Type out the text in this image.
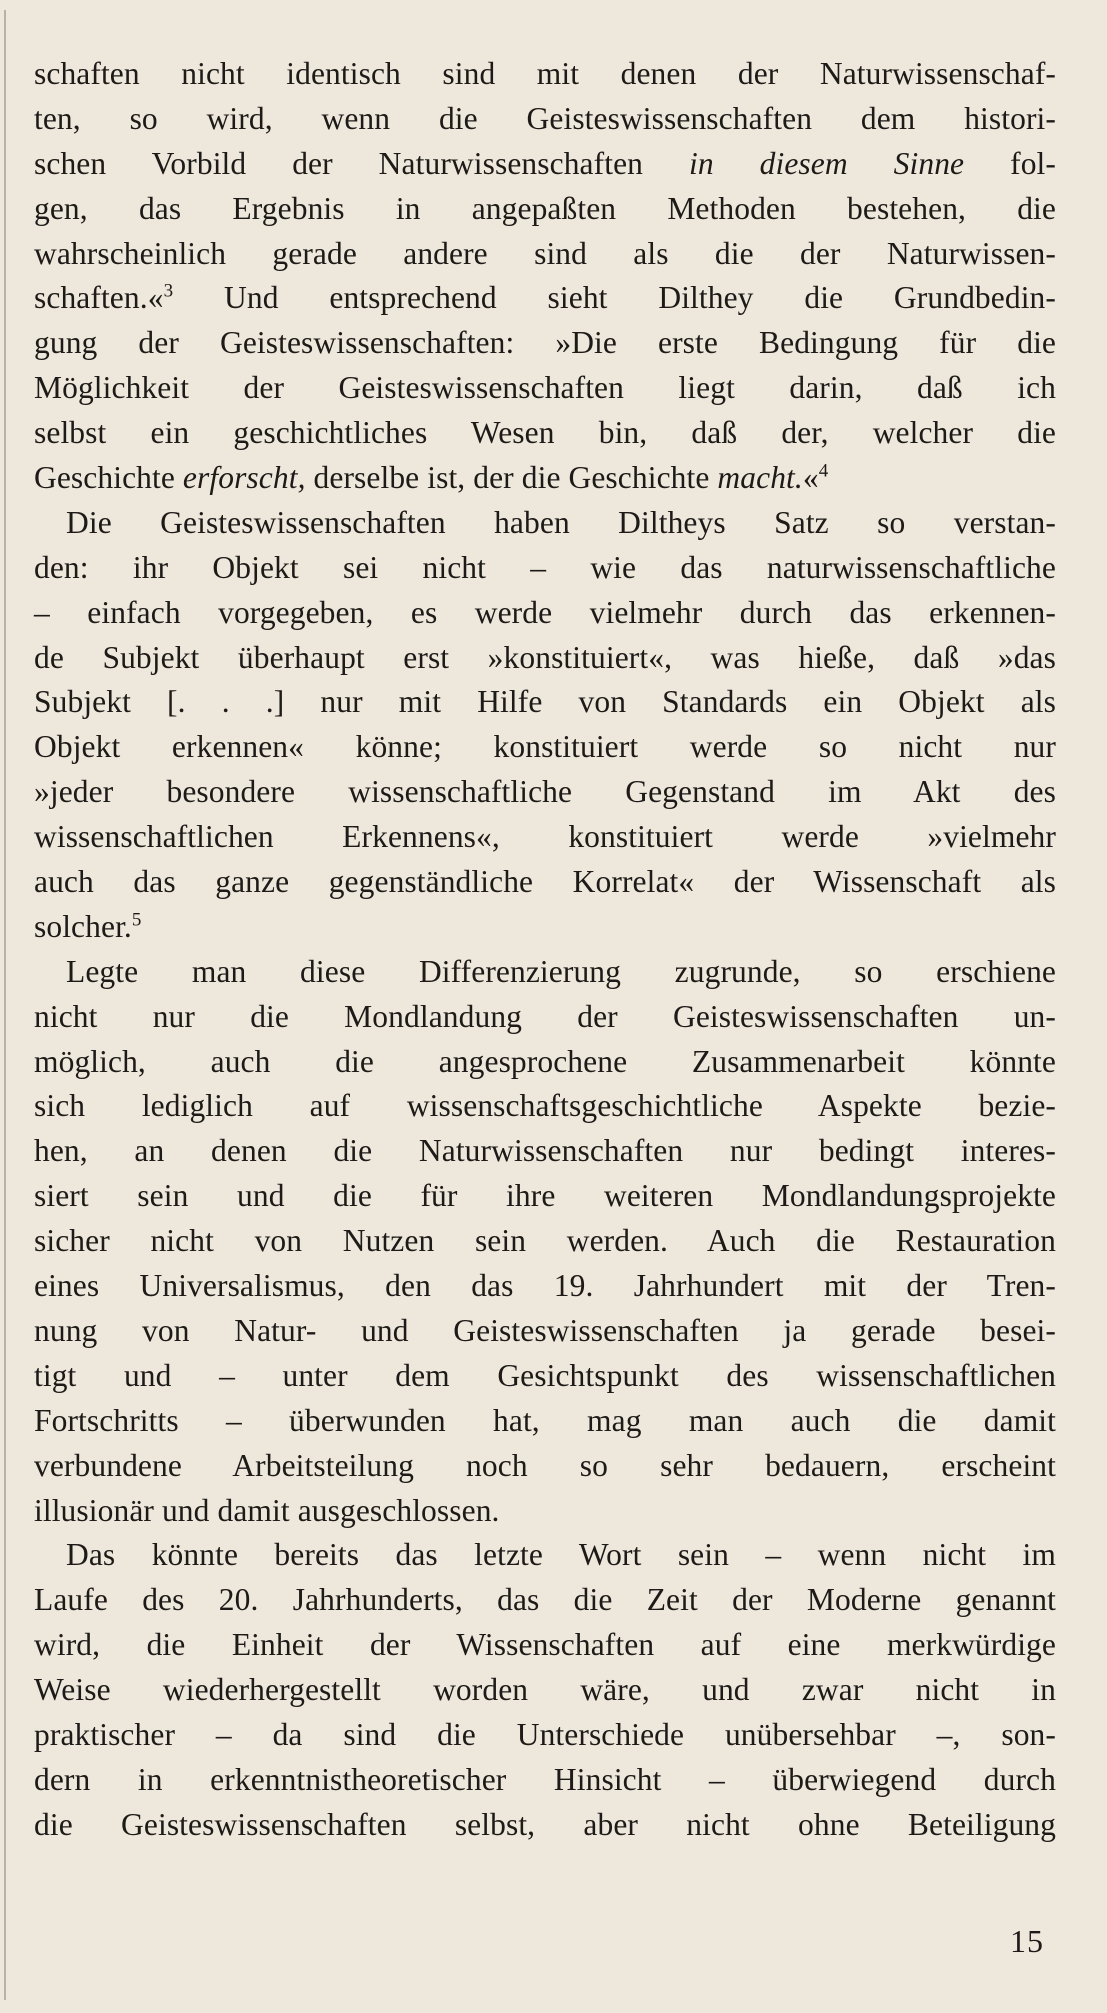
schaften nicht identisch sind mit denen der Naturwissenschaf-
ten, so wird, wenn die Geisteswissenschaften dem histori-
schen Vorbild der Naturwissenschaften in diesem Sinne fol-
gen, das Ergebnis in angepaßten Methoden bestehen, die
wahrscheinlich gerade andere sind als die der Naturwissen-
schaften.«$^3$ Und entsprechend sieht Dilthey die Grundbedin-
gung der Geisteswissenschaften: »Die erste Bedingung für die
Möglichkeit der Geisteswissenschaften liegt darin, daß ich
selbst ein geschichtliches Wesen bin, daß der, welcher die
Geschichte erforscht, derselbe ist, der die Geschichte macht.«$^4$
Die Geisteswissenschaften haben Diltheys Satz so verstan-
den: ihr Objekt sei nicht – wie das naturwissenschaftliche
– einfach vorgegeben, es werde vielmehr durch das erkennen-
de Subjekt überhaupt erst »konstituiert«, was hieße, daß »das
Subjekt [. . .] nur mit Hilfe von Standards ein Objekt als
Objekt erkennen« könne; konstituiert werde so nicht nur
»jeder besondere wissenschaftliche Gegenstand im Akt des
wissenschaftlichen Erkennens«, konstituiert werde »vielmehr
auch das ganze gegenständliche Korrelat« der Wissenschaft als
solcher.$^5$
Legte man diese Differenzierung zugrunde, so erschiene
nicht nur die Mondlandung der Geisteswissenschaften un-
möglich, auch die angesprochene Zusammenarbeit könnte
sich lediglich auf wissenschaftsgeschichtliche Aspekte bezie-
hen, an denen die Naturwissenschaften nur bedingt interes-
siert sein und die für ihre weiteren Mondlandungsprojekte
sicher nicht von Nutzen sein werden. Auch die Restauration
eines Universalismus, den das 19. Jahrhundert mit der Tren-
nung von Natur- und Geisteswissenschaften ja gerade besei-
tigt und – unter dem Gesichtspunkt des wissenschaftlichen
Fortschritts – überwunden hat, mag man auch die damit
verbundene Arbeitsteilung noch so sehr bedauern, erscheint
illusionär und damit ausgeschlossen.
Das könnte bereits das letzte Wort sein – wenn nicht im
Laufe des 20. Jahrhunderts, das die Zeit der Moderne genannt
wird, die Einheit der Wissenschaften auf eine merkwürdige
Weise wiederhergestellt worden wäre, und zwar nicht in
praktischer – da sind die Unterschiede unübersehbar –, son-
dern in erkenntnistheoretischer Hinsicht – überwiegend durch
die Geisteswissenschaften selbst, aber nicht ohne Beteiligung
15
